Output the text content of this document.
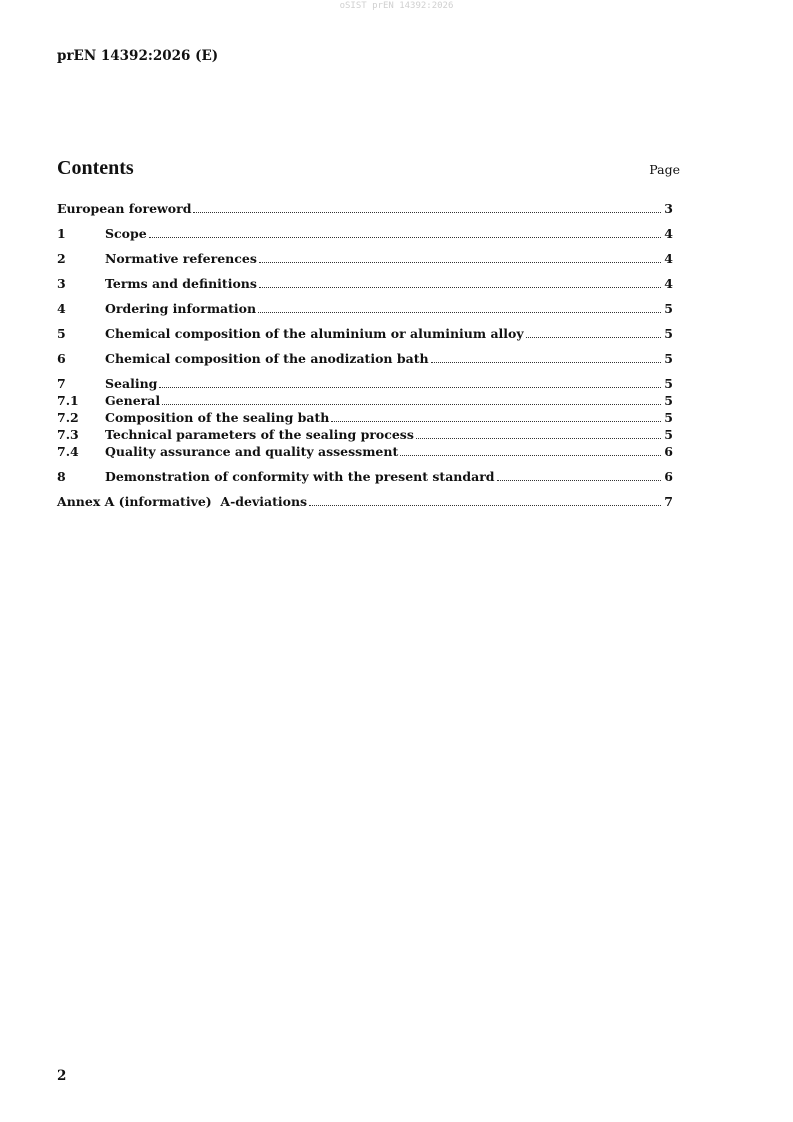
oSIST prEN 14392:2026
prEN 14392:2026 (E)
Contents	Page
European foreword	3
1	Scope	4
2	Normative references	4
3	Terms and definitions	4
4	Ordering information	5
5	Chemical composition of the aluminium or aluminium alloy	5
6	Chemical composition of the anodization bath	5
7	Sealing	5
7.1	General	5
7.2	Composition of the sealing bath	5
7.3	Technical parameters of the sealing process	5
7.4	Quality assurance and quality assessment	6
8	Demonstration of conformity with the present standard	6
Annex A (informative)  A-deviations	7
2
